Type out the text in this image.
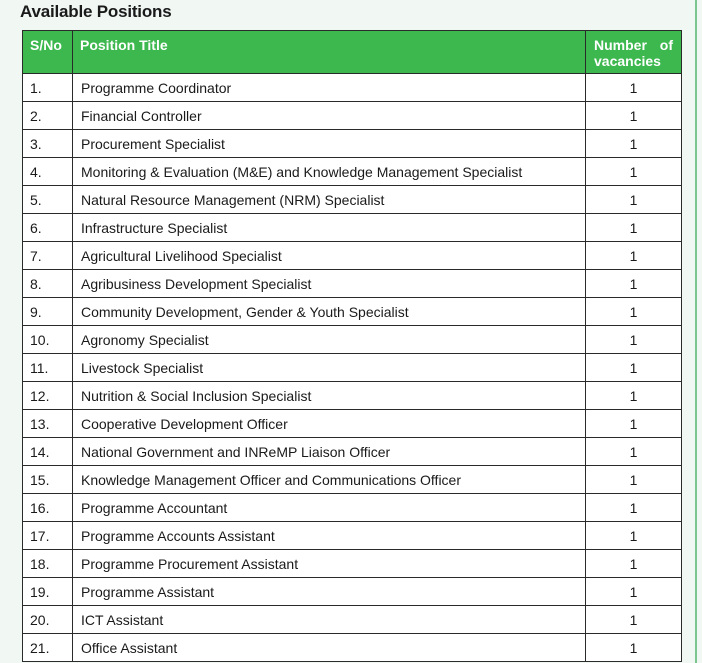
Available Positions
S/No	Position Title	Number of
vacancies

1.	Programme Coordinator	1
2.	Financial Controller	1
3.	Procurement Specialist	1
4.	Monitoring & Evaluation (M&E) and Knowledge Management Specialist	1
5.	Natural Resource Management (NRM) Specialist	1
6.	Infrastructure Specialist	1
7.	Agricultural Livelihood Specialist	1
8.	Agribusiness Development Specialist	1
9.	Community Development, Gender & Youth Specialist	1
10.	Agronomy Specialist	1
11.	Livestock Specialist	1
12.	Nutrition & Social Inclusion Specialist	1
13.	Cooperative Development Officer	1
14.	National Government and INReMP Liaison Officer	1
15.	Knowledge Management Officer and Communications Officer	1
16.	Programme Accountant	1
17.	Programme Accounts Assistant	1
18.	Programme Procurement Assistant	1
19.	Programme Assistant	1
20.	ICT Assistant	1
21.	Office Assistant	1
